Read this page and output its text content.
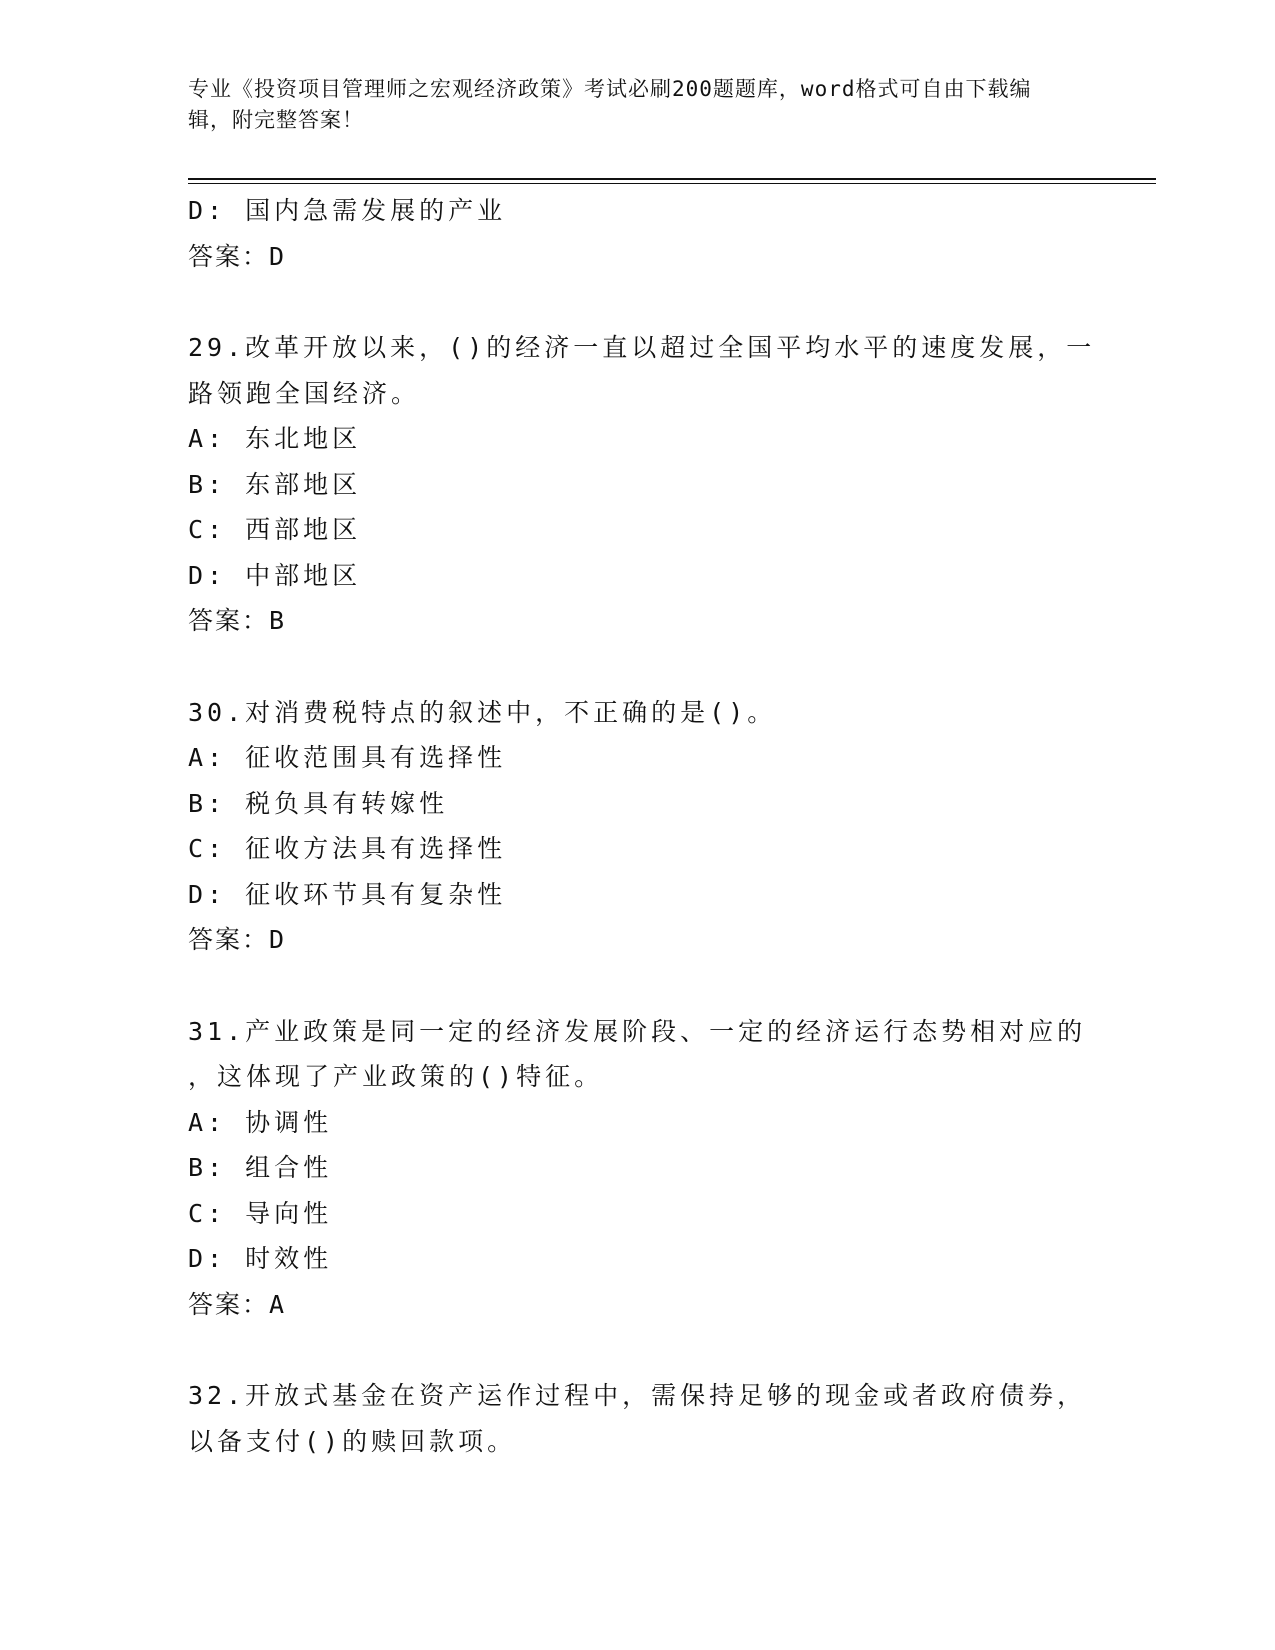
专业《投资项目管理师之宏观经济政策》考试必刷200题题库，word格式可自由下载编辑，附完整答案！
D: 国内急需发展的产业
答案：D
29.改革开放以来，()的经济一直以超过全国平均水平的速度发展，一
路领跑全国经济。
A: 东北地区
B: 东部地区
C: 西部地区
D: 中部地区
答案：B
30.对消费税特点的叙述中，不正确的是()。
A: 征收范围具有选择性
B: 税负具有转嫁性
C: 征收方法具有选择性
D: 征收环节具有复杂性
答案：D
31.产业政策是同一定的经济发展阶段、一定的经济运行态势相对应的
，这体现了产业政策的()特征。
A: 协调性
B: 组合性
C: 导向性
D: 时效性
答案：A
32.开放式基金在资产运作过程中，需保持足够的现金或者政府债券，
以备支付()的赎回款项。
